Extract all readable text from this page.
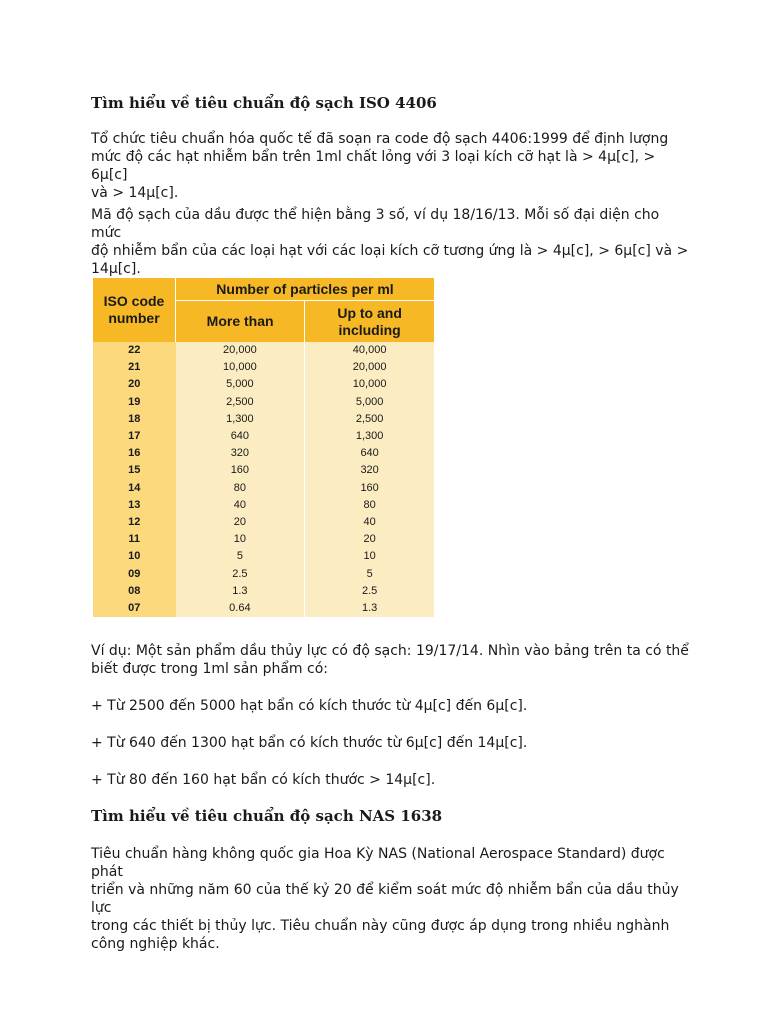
Tìm hiểu về tiêu chuẩn độ sạch ISO 4406

Tổ chức tiêu chuẩn hóa quốc tế đã soạn ra code độ sạch 4406:1999 để định lượng
mức độ các hạt nhiễm bẩn trên 1ml chất lỏng với 3 loại kích cỡ hạt là > 4μ[c], > 6μ[c]
và > 14μ[c].

Mã độ sạch của dầu được thể hiện bằng 3 số, ví dụ 18/16/13. Mỗi số đại diện cho mức
độ nhiễm bẩn của các loại hạt với các loại kích cỡ tương ứng là > 4μ[c], > 6μ[c] và >
14μ[c].

ISO code number	Number of particles per ml	
	More than	Up to and including
22	20,000	40,000
21	10,000	20,000
20	5,000	10,000
19	2,500	5,000
18	1,300	2,500
17	640	1,300
16	320	640
15	160	320
14	80	160
13	40	80
12	20	40
11	10	20
10	5	10
09	2.5	5
08	1.3	2.5
07	0.64	1.3

Ví dụ: Một sản phẩm dầu thủy lực có độ sạch: 19/17/14. Nhìn vào bảng trên ta có thể
biết được trong 1ml sản phẩm có:

+ Từ 2500 đến 5000 hạt bẩn có kích thước từ 4μ[c] đến 6μ[c].

+ Từ 640 đến 1300 hạt bẩn có kích thước từ 6μ[c] đến 14μ[c].

+ Từ 80 đến 160 hạt bẩn có kích thước > 14μ[c].

Tìm hiểu về tiêu chuẩn độ sạch NAS 1638

Tiêu chuẩn hàng không quốc gia Hoa Kỳ NAS (National Aerospace Standard) được phát
triển và những năm 60 của thế kỷ 20 để kiểm soát mức độ nhiễm bẩn của dầu thủy lực
trong các thiết bị thủy lực. Tiêu chuẩn này cũng được áp dụng trong nhiều nghành
công nghiệp khác.
